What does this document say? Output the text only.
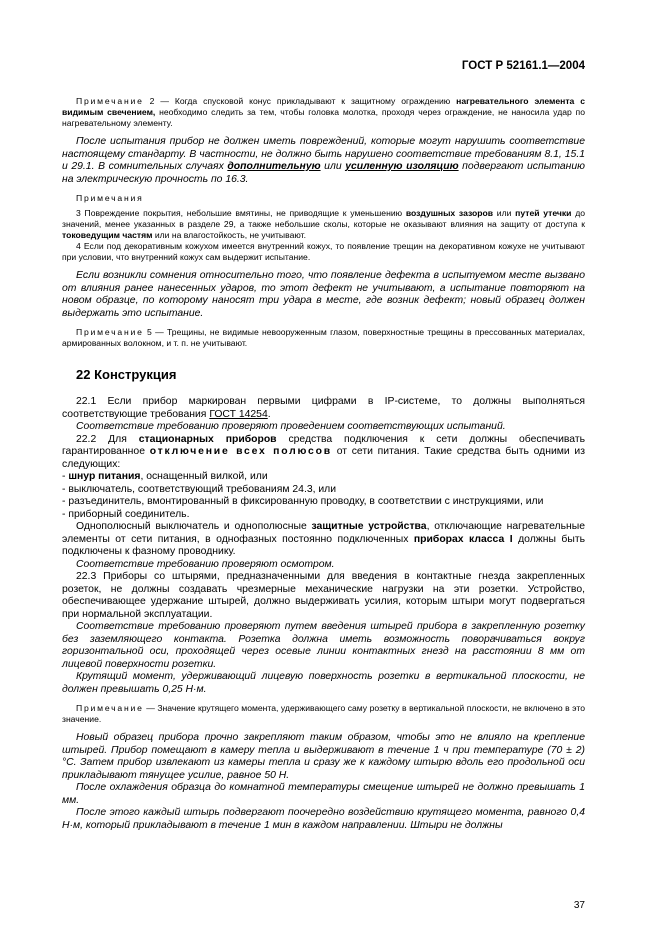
ГОСТ Р 52161.1—2004

Примечание 2 — Когда спусковой конус прикладывают к защитному ограждению нагревательного элемента с видимым свечением, необходимо следить за тем, чтобы головка молотка, проходя через ограждение, не наносила удар по нагревательному элементу.

После испытания прибор не должен иметь повреждений, которые могут нарушить соответствие настоящему стандарту. В частности, не должно быть нарушено соответствие требованиям 8.1, 15.1 и 29.1. В сомнительных случаях дополнительную или усиленную изоляцию подвергают испытанию на электрическую прочность по 16.3.

Примечания

3 Повреждение покрытия, небольшие вмятины, не приводящие к уменьшению воздушных зазоров или путей утечки до значений, менее указанных в разделе 29, а также небольшие сколы, которые не оказывают влияния на защиту от доступа к токоведущим частям или на влагостойкость, не учитывают.

4 Если под декоративным кожухом имеется внутренний кожух, то появление трещин на декоративном кожухе не учитывают при условии, что внутренний кожух сам выдержит испытание.

Если возникли сомнения относительно того, что появление дефекта в испытуемом месте вызвано от влияния ранее нанесенных ударов, то этот дефект не учитывают, а испытание повторяют на новом образце, по которому наносят три удара в месте, где возник дефект; новый образец должен выдержать это испытание.

Примечание 5 — Трещины, не видимые невооруженным глазом, поверхностные трещины в прессованных материалах, армированных волокном, и т. п. не учитывают.

22 Конструкция

22.1 Если прибор маркирован первыми цифрами в IP-системе, то должны выполняться соответствующие требования ГОСТ 14254.

Соответствие требованию проверяют проведением соответствующих испытаний.

22.2 Для стационарных приборов средства подключения к сети должны обеспечивать гарантированное отключение всех полюсов от сети питания. Такие средства быть одними из следующих:

- шнур питания, оснащенный вилкой, или

- выключатель, соответствующий требованиям 24.3, или

- разъединитель, вмонтированный в фиксированную проводку, в соответствии с инструкциями, или

- приборный соединитель.

Однополюсный выключатель и однополюсные защитные устройства, отключающие нагревательные элементы от сети питания, в однофазных постоянно подключенных приборах класса I должны быть подключены к фазному проводнику.

Соответствие требованию проверяют осмотром.

22.3 Приборы со штырями, предназначенными для введения в контактные гнезда закрепленных розеток, не должны создавать чрезмерные механические нагрузки на эти розетки. Устройство, обеспечивающее удержание штырей, должно выдерживать усилия, которым штыри могут подвергаться при нормальной эксплуатации.

Соответствие требованию проверяют путем введения штырей прибора в закрепленную розетку без заземляющего контакта. Розетка должна иметь возможность поворачиваться вокруг горизонтальной оси, проходящей через осевые линии контактных гнезд на расстоянии 8 мм от лицевой поверхности розетки.

Крутящий момент, удерживающий лицевую поверхность розетки в вертикальной плоскости, не должен превышать 0,25 Н·м.

Примечание — Значение крутящего момента, удерживающего саму розетку в вертикальной плоскости, не включено в это значение.

Новый образец прибора прочно закрепляют таким образом, чтобы это не влияло на крепление штырей. Прибор помещают в камеру тепла и выдерживают в течение 1 ч при температуре (70 ± 2) °С. Затем прибор извлекают из камеры тепла и сразу же к каждому штырю вдоль его продольной оси прикладывают тянущее усилие, равное 50 Н.

После охлаждения образца до комнатной температуры смещение штырей не должно превышать 1 мм.

После этого каждый штырь подвергают поочередно воздействию крутящего момента, равного 0,4 Н·м, который прикладывают в течение 1 мин в каждом направлении. Штыри не должны

37
